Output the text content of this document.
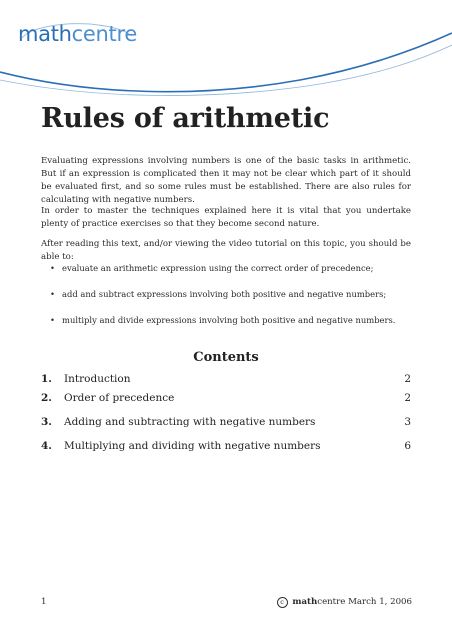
mathcentre
Rules of arithmetic

Evaluating expressions involving numbers is one of the basic tasks in arithmetic. But if an expression is complicated then it may not be clear which part of it should be evaluated first, and so some rules must be established. There are also rules for calculating with negative numbers.

In order to master the techniques explained here it is vital that you undertake plenty of practice exercises so that they become second nature.

After reading this text, and/or viewing the video tutorial on this topic, you should be able to:

• evaluate an arithmetic expression using the correct order of precedence;
• add and subtract expressions involving both positive and negative numbers;
• multiply and divide expressions involving both positive and negative numbers.
Contents
1.	Introduction	2
2.	Order of precedence	2
3.	Adding and subtracting with negative numbers	3
4.	Multiplying and dividing with negative numbers	6
1	c mathcentre March 1, 2006
